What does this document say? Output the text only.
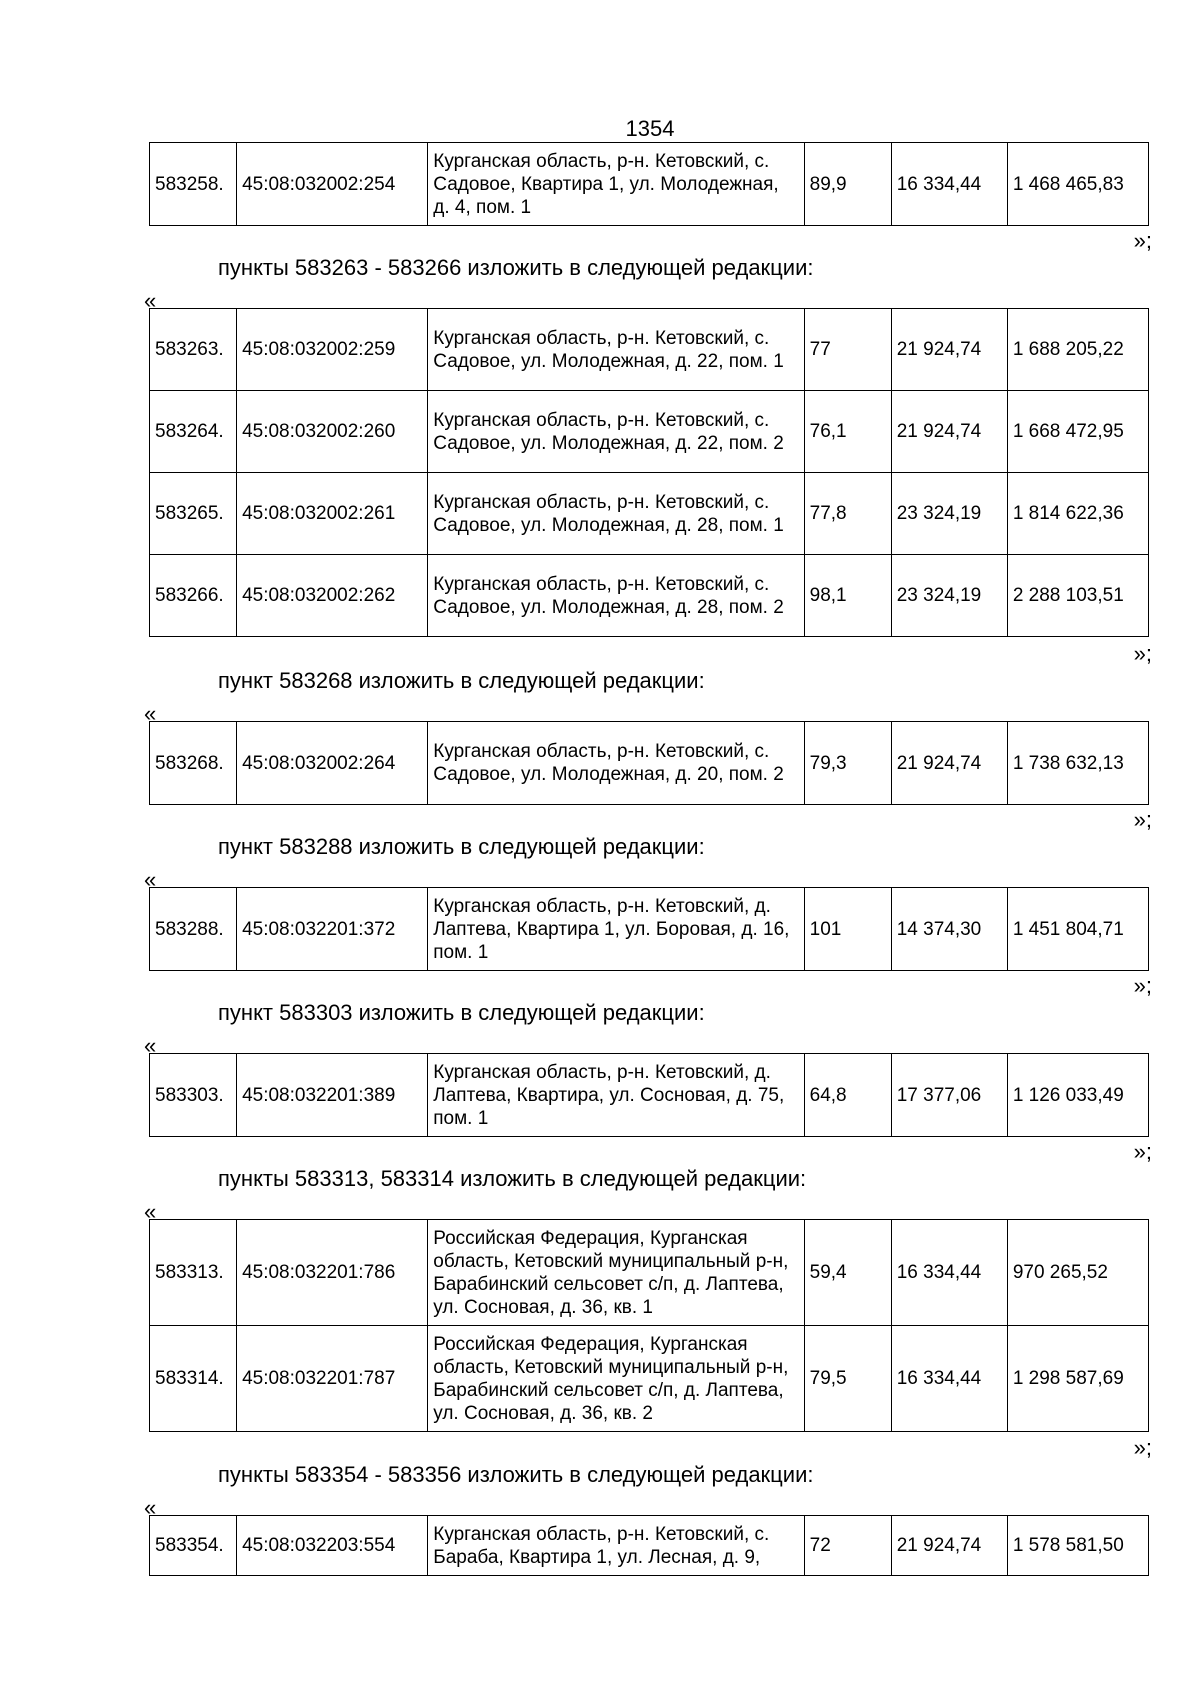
1354
583258.	45:08:032002:254	Курганская область, р-н. Кетовский, с. Садовое, Квартира 1, ул. Молодежная, д. 4, пом. 1	89,9	16 334,44	1 468 465,83
»;
пункты 583263 - 583266 изложить в следующей редакции:
«
583263.	45:08:032002:259	Курганская область, р-н. Кетовский, с. Садовое, ул. Молодежная, д. 22, пом. 1	77	21 924,74	1 688 205,22
583264.	45:08:032002:260	Курганская область, р-н. Кетовский, с. Садовое, ул. Молодежная, д. 22, пом. 2	76,1	21 924,74	1 668 472,95
583265.	45:08:032002:261	Курганская область, р-н. Кетовский, с. Садовое, ул. Молодежная, д. 28, пом. 1	77,8	23 324,19	1 814 622,36
583266.	45:08:032002:262	Курганская область, р-н. Кетовский, с. Садовое, ул. Молодежная, д. 28, пом. 2	98,1	23 324,19	2 288 103,51
»;
пункт 583268 изложить в следующей редакции:
«
583268.	45:08:032002:264	Курганская область, р-н. Кетовский, с. Садовое, ул. Молодежная, д. 20, пом. 2	79,3	21 924,74	1 738 632,13
»;
пункт 583288 изложить в следующей редакции:
«
583288.	45:08:032201:372	Курганская область, р-н. Кетовский, д. Лаптева, Квартира 1, ул. Боровая, д. 16, пом. 1	101	14 374,30	1 451 804,71
»;
пункт 583303 изложить в следующей редакции:
«
583303.	45:08:032201:389	Курганская область, р-н. Кетовский, д. Лаптева, Квартира, ул. Сосновая, д. 75, пом. 1	64,8	17 377,06	1 126 033,49
»;
пункты 583313, 583314 изложить в следующей редакции:
«
583313.	45:08:032201:786	Российская Федерация, Курганская область, Кетовский муниципальный р-н, Барабинский сельсовет с/п, д. Лаптева, ул. Сосновая, д. 36, кв. 1	59,4	16 334,44	970 265,52
583314.	45:08:032201:787	Российская Федерация, Курганская область, Кетовский муниципальный р-н, Барабинский сельсовет с/п, д. Лаптева, ул. Сосновая, д. 36, кв. 2	79,5	16 334,44	1 298 587,69
»;
пункты 583354 - 583356 изложить в следующей редакции:
«
583354.	45:08:032203:554	Курганская область, р-н. Кетовский, с. Бараба, Квартира 1, ул. Лесная, д. 9,	72	21 924,74	1 578 581,50
